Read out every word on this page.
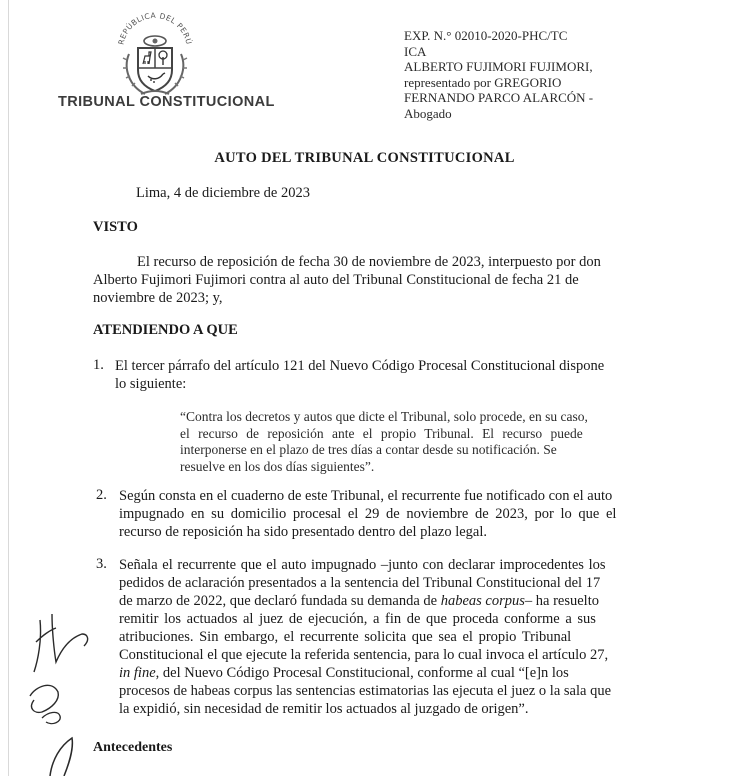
REPÚBLICA DEL PERÚ
TRIBUNAL CONSTITUCIONAL
EXP. N.° 02010-2020-PHC/TC
ICA
ALBERTO FUJIMORI FUJIMORI,
representado por GREGORIO
FERNANDO PARCO ALARCÓN -
Abogado
AUTO DEL TRIBUNAL CONSTITUCIONAL
Lima, 4 de diciembre de 2023
VISTO
El recurso de reposición de fecha 30 de noviembre de 2023, interpuesto por don
Alberto Fujimori Fujimori contra al auto del Tribunal Constitucional de fecha 21 de
noviembre de 2023; y,
ATENDIENDO A QUE
1. El tercer párrafo del artículo 121 del Nuevo Código Procesal Constitucional dispone
lo siguiente:
“Contra los decretos y autos que dicte el Tribunal, solo procede, en su caso,
el recurso de reposición ante el propio Tribunal. El recurso puede
interponerse en el plazo de tres días a contar desde su notificación. Se
resuelve en los dos días siguientes”.
2. Según consta en el cuaderno de este Tribunal, el recurrente fue notificado con el auto
impugnado en su domicilio procesal el 29 de noviembre de 2023, por lo que el
recurso de reposición ha sido presentado dentro del plazo legal.
3. Señala el recurrente que el auto impugnado –junto con declarar improcedentes los
pedidos de aclaración presentados a la sentencia del Tribunal Constitucional del 17
de marzo de 2022, que declaró fundada su demanda de habeas corpus– ha resuelto
remitir los actuados al juez de ejecución, a fin de que proceda conforme a sus
atribuciones. Sin embargo, el recurrente solicita que sea el propio Tribunal
Constitucional el que ejecute la referida sentencia, para lo cual invoca el artículo 27,
in fine, del Nuevo Código Procesal Constitucional, conforme al cual “[e]n los
procesos de habeas corpus las sentencias estimatorias las ejecuta el juez o la sala que
la expidió, sin necesidad de remitir los actuados al juzgado de origen”.
Antecedentes
